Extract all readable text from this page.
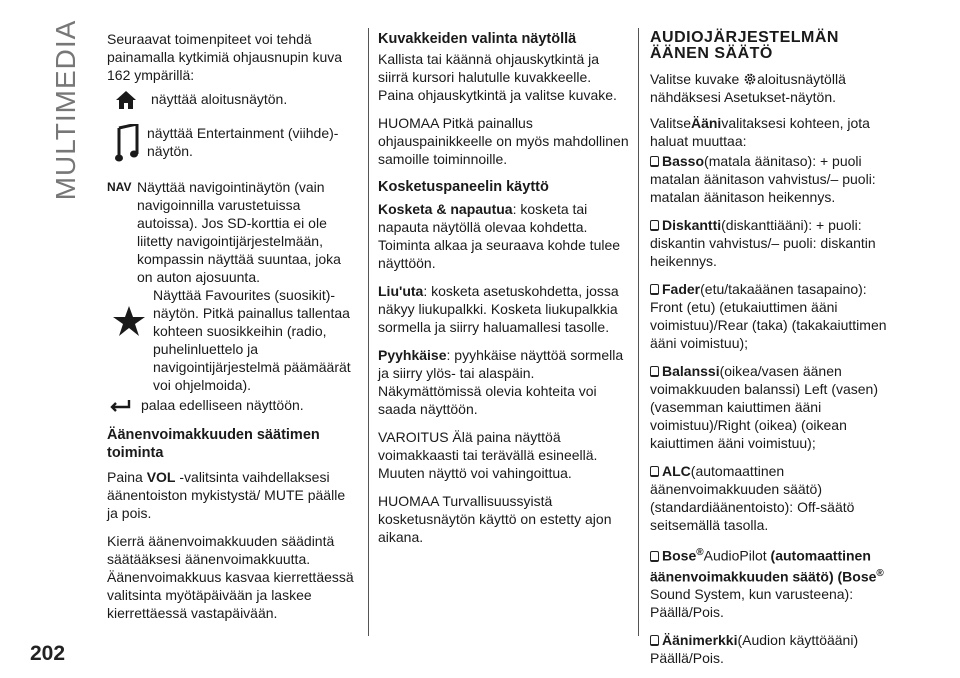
MULTIMEDIA
202

Seuraavat toimenpiteet voi tehdä painamalla kytkimiä ohjausnupin kuva 162 ympärillä:

näyttää aloitusnäytön.
näyttää Entertainment (viihde)-näytön.
NAV Näyttää navigointinäytön (vain navigoinnilla varustetuissa autoissa). Jos SD-korttia ei ole liitetty navigointijärjestelmään, kompassin näyttää suuntaa, joka on auton ajosuunta.
Näyttää Favourites (suosikit)-näytön. Pitkä painallus tallentaa kohteen suosikkeihin (radio, puhelinluettelo ja navigointijärjestelmä päämäärät voi ohjelmoida).
palaa edelliseen näyttöön.
Äänenvoimakkuuden säätimen toiminta

Paina VOL -valitsinta vaihdellaksesi äänentoiston mykistystä/ MUTE päälle ja pois.

Kierrä äänenvoimakkuuden säädintä säätääksesi äänenvoimakkuutta. Äänenvoimakkuus kasvaa kierrettäessä valitsinta myötäpäivään ja laskee kierrettäessä vastapäivään.

Kuvakkeiden valinta näytöllä

Kallista tai käännä ohjauskytkintä ja siirrä kursori halutulle kuvakkeelle. Paina ohjauskytkintä ja valitse kuvake.

HUOMAA Pitkä painallus ohjauspainikkeelle on myös mahdollinen samoille toiminnoille.

Kosketuspaneelin käyttö

Kosketa & napautua: kosketa tai napauta näytöllä olevaa kohdetta. Toiminta alkaa ja seuraava kohde tulee näyttöön.

Liu'uta: kosketa asetuskohdetta, jossa näkyy liukupalkki. Kosketa liukupalkkia sormella ja siirry haluamallesi tasolle.

Pyyhkäise: pyyhkäise näyttöä sormella ja siirry ylös- tai alaspäin. Näkymättömissä olevia kohteita voi saada näyttöön.

VAROITUS Älä paina näyttöä voimakkaasti tai terävällä esineellä. Muuten näyttö voi vahingoittua.

HUOMAA Turvallisuussyistä kosketusnäytön käyttö on estetty ajon aikana.

AUDIOJÄRJESTELMÄN
ÄÄNEN SÄÄTÖ

Valitse kuvake aloitusnäytöllä nähdäksesi Asetukset-näytön.

ValitseÄänivalitaksesi kohteen, jota haluat muuttaa:

Basso(matala äänitaso): + puoli matalan äänitason vahvistus/– puoli: matalan äänitason heikennys.

Diskantti(diskanttiääni): + puoli: diskantin vahvistus/– puoli: diskantin heikennys.

Fader(etu/takaäänen tasapaino): Front (etu) (etukaiuttimen ääni voimistuu)/Rear (taka) (takakaiuttimen ääni voimistuu);

Balanssi(oikea/vasen äänen voimakkuuden balanssi) Left (vasen) (vasemman kaiuttimen ääni voimistuu)/Right (oikea) (oikean kaiuttimen ääni voimistuu);

ALC(automaattinen äänenvoimakkuuden säätö) (standardiäänentoisto): Off-säätö seitsemällä tasolla.

Bose®AudioPilot (automaattinen äänenvoimakkuuden säätö) (Bose®
Sound System, kun varusteena): Päällä/Pois.

Äänimerkki(Audion käyttöääni) Päällä/Pois.
